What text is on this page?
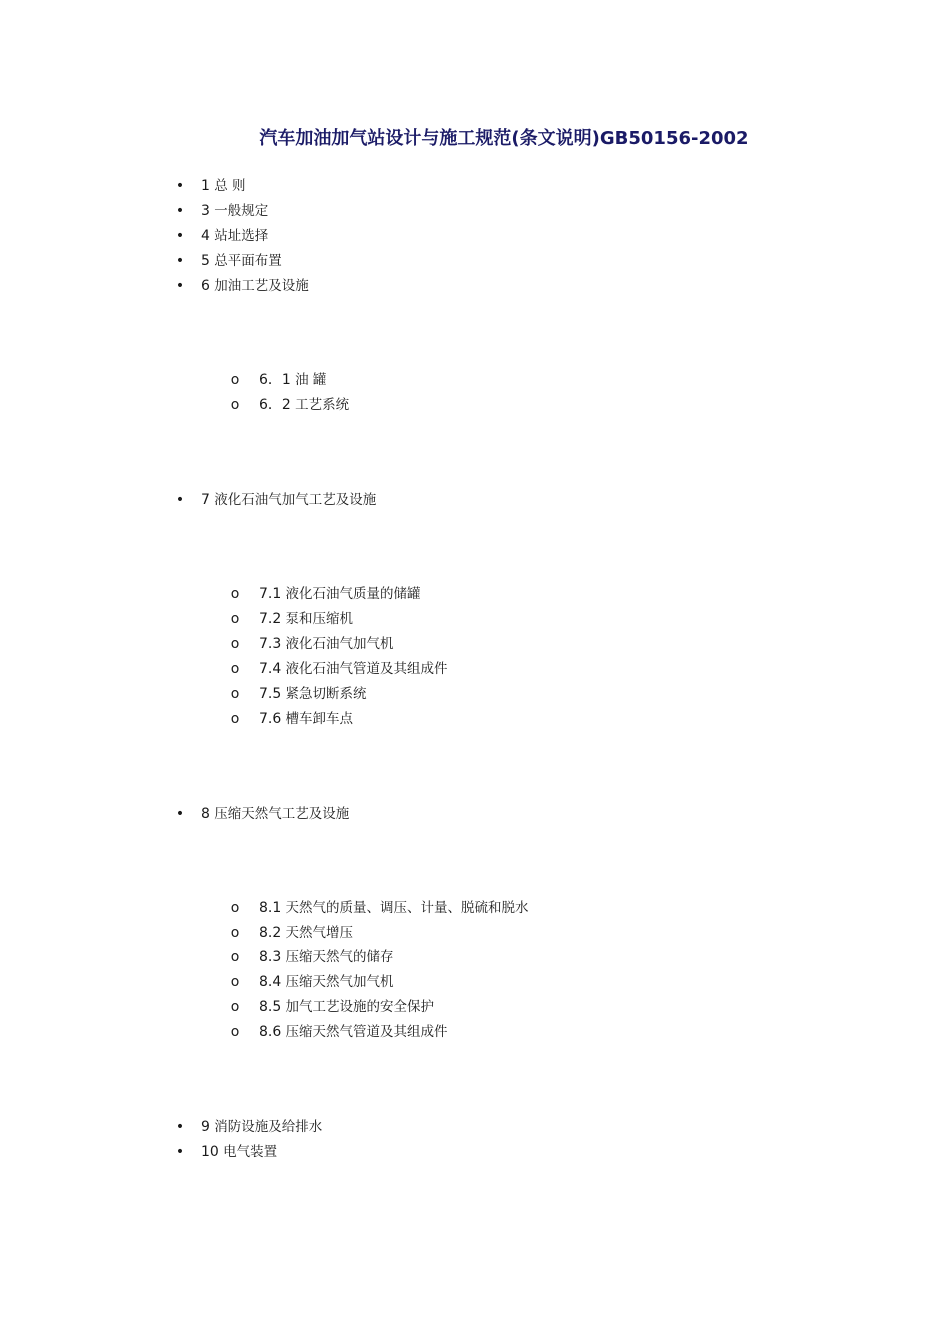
汽车加油加气站设计与施工规范(条文说明)GB50156-2002
• 1 总 则
• 3 一般规定
• 4 站址选择
• 5 总平面布置
• 6 加油工艺及设施
o 6．1 油 罐
o 6．2 工艺系统
• 7 液化石油气加气工艺及设施
o 7.1 液化石油气质量的储罐
o 7.2 泵和压缩机
o 7.3 液化石油气加气机
o 7.4 液化石油气管道及其组成件
o 7.5 紧急切断系统
o 7.6 槽车卸车点
• 8 压缩天然气工艺及设施
o 8.1 天然气的质量、调压、计量、脱硫和脱水
o 8.2 天然气增压
o 8.3 压缩天然气的储存
o 8.4 压缩天然气加气机
o 8.5 加气工艺设施的安全保护
o 8.6 压缩天然气管道及其组成件
• 9 消防设施及给排水
• 10 电气装置
